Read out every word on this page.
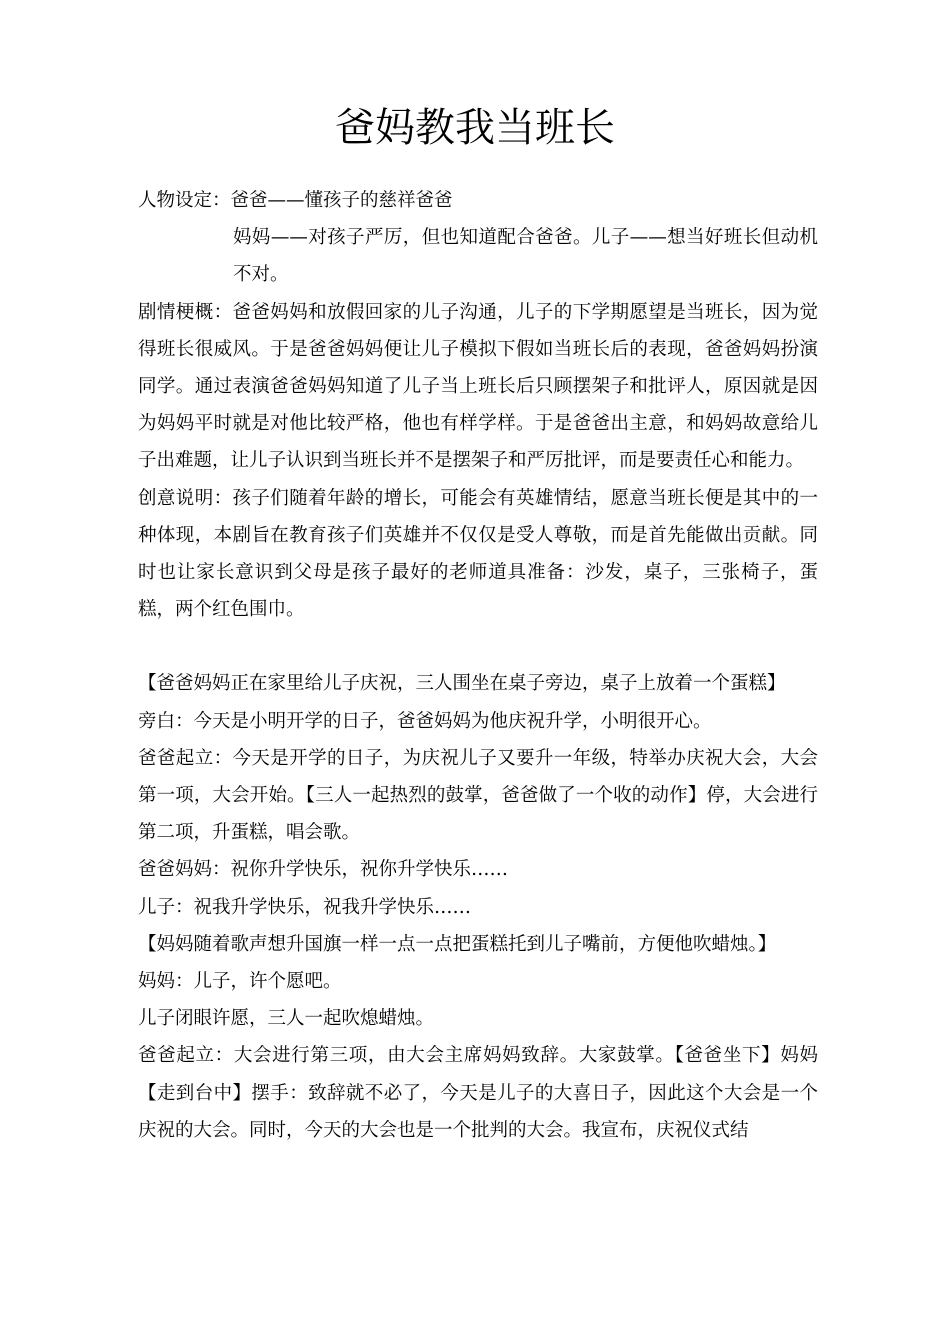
爸妈教我当班长

人物设定：爸爸——懂孩子的慈祥爸爸

妈妈——对孩子严厉，但也知道配合爸爸。儿子——想当好班长但动机不对。

剧情梗概：爸爸妈妈和放假回家的儿子沟通，儿子的下学期愿望是当班长，因为觉得班长很威风。于是爸爸妈妈便让儿子模拟下假如当班长后的表现，爸爸妈妈扮演同学。通过表演爸爸妈妈知道了儿子当上班长后只顾摆架子和批评人，原因就是因为妈妈平时就是对他比较严格，他也有样学样。于是爸爸出主意，和妈妈故意给儿子出难题，让儿子认识到当班长并不是摆架子和严厉批评，而是要责任心和能力。

创意说明：孩子们随着年龄的增长，可能会有英雄情结，愿意当班长便是其中的一种体现，本剧旨在教育孩子们英雄并不仅仅是受人尊敬，而是首先能做出贡献。同时也让家长意识到父母是孩子最好的老师道具准备：沙发，桌子，三张椅子，蛋糕，两个红色围巾。

【爸爸妈妈正在家里给儿子庆祝，三人围坐在桌子旁边，桌子上放着一个蛋糕】

旁白：今天是小明开学的日子，爸爸妈妈为他庆祝升学，小明很开心。

爸爸起立：今天是开学的日子，为庆祝儿子又要升一年级，特举办庆祝大会，大会第一项，大会开始。【三人一起热烈的鼓掌，爸爸做了一个收的动作】停，大会进行第二项，升蛋糕，唱会歌。

爸爸妈妈：祝你升学快乐，祝你升学快乐……

儿子：祝我升学快乐，祝我升学快乐……

【妈妈随着歌声想升国旗一样一点一点把蛋糕托到儿子嘴前，方便他吹蜡烛。】

妈妈：儿子，许个愿吧。

儿子闭眼许愿，三人一起吹熄蜡烛。

爸爸起立：大会进行第三项，由大会主席妈妈致辞。大家鼓掌。【爸爸坐下】妈妈【走到台中】摆手：致辞就不必了，今天是儿子的大喜日子，因此这个大会是一个庆祝的大会。同时，今天的大会也是一个批判的大会。我宣布，庆祝仪式结
